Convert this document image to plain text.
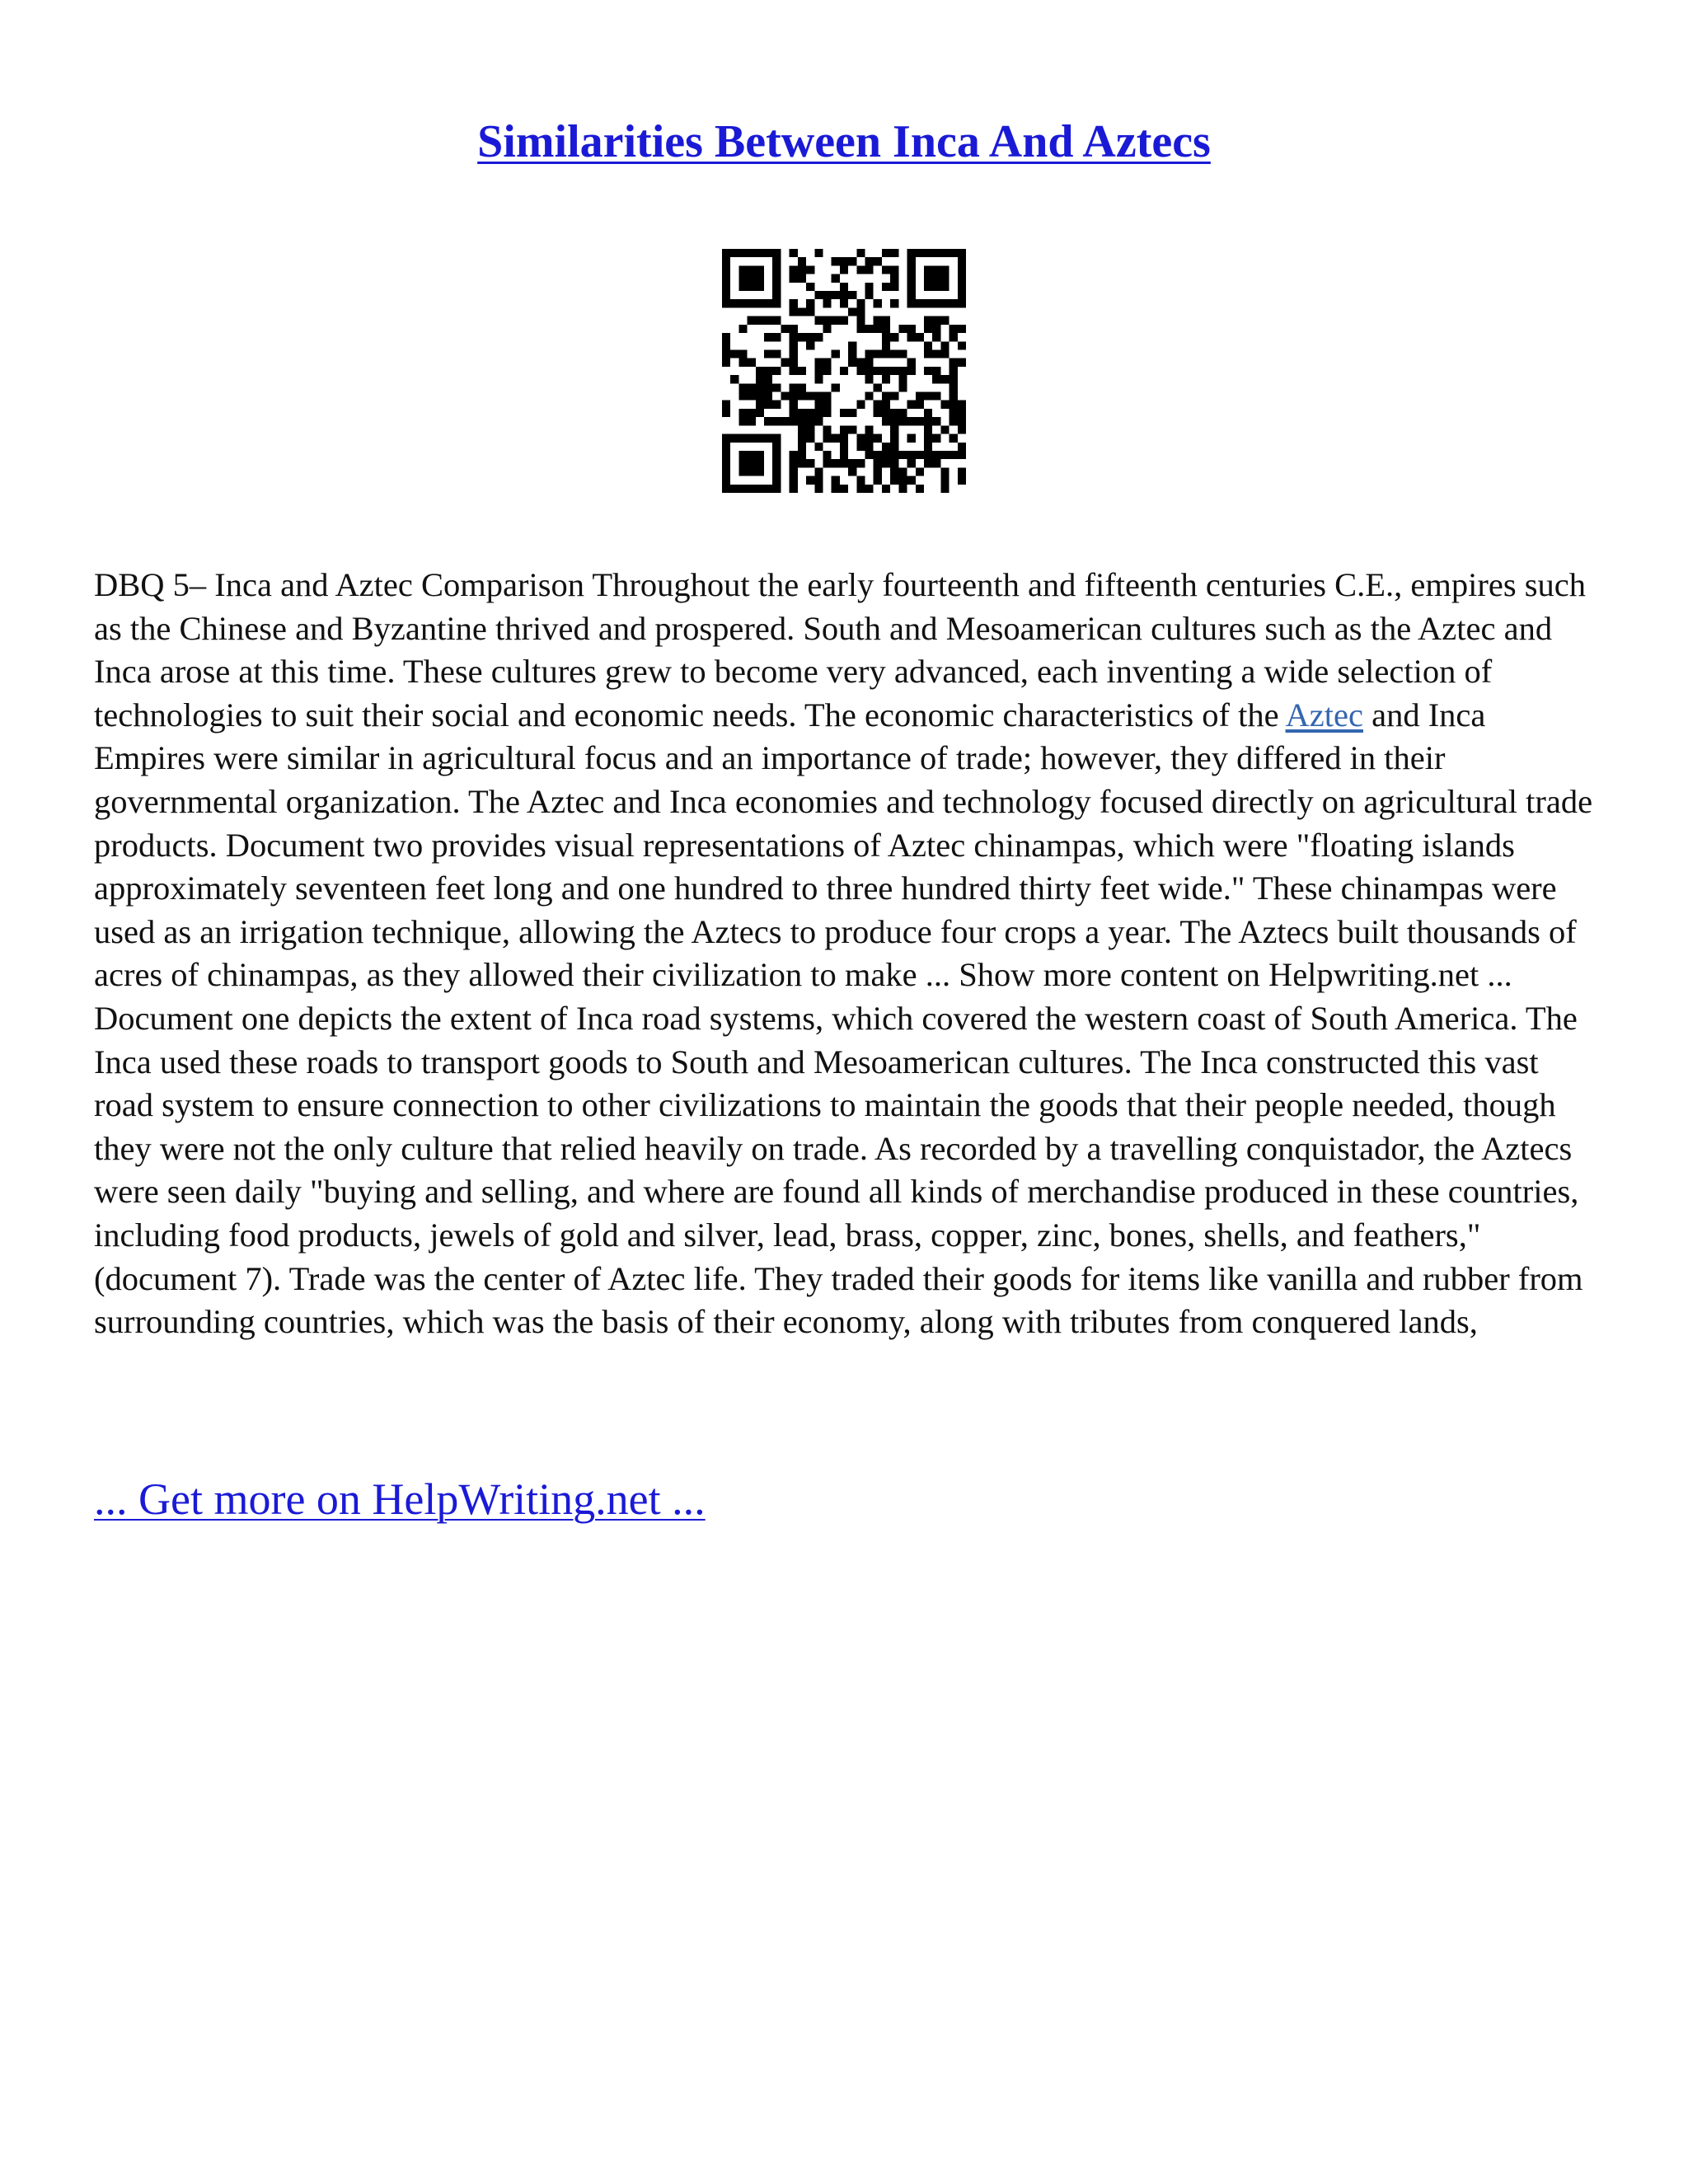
Similarities Between Inca And Aztecs

DBQ 5– Inca and Aztec Comparison Throughout the early fourteenth and fifteenth centuries C.E., empires such as the Chinese and Byzantine thrived and prospered. South and Mesoamerican cultures such as the Aztec and Inca arose at this time. These cultures grew to become very advanced, each inventing a wide selection of technologies to suit their social and economic needs. The economic characteristics of the Aztec and Inca Empires were similar in agricultural focus and an importance of trade; however, they differed in their governmental organization. The Aztec and Inca economies and technology focused directly on agricultural trade products. Document two provides visual representations of Aztec chinampas, which were "floating islands approximately seventeen feet long and one hundred to three hundred thirty feet wide." These chinampas were used as an irrigation technique, allowing the Aztecs to produce four crops a year. The Aztecs built thousands of acres of chinampas, as they allowed their civilization to make ... Show more content on Helpwriting.net ... Document one depicts the extent of Inca road systems, which covered the western coast of South America. The Inca used these roads to transport goods to South and Mesoamerican cultures. The Inca constructed this vast road system to ensure connection to other civilizations to maintain the goods that their people needed, though they were not the only culture that relied heavily on trade. As recorded by a travelling conquistador, the Aztecs were seen daily "buying and selling, and where are found all kinds of merchandise produced in these countries, including food products, jewels of gold and silver, lead, brass, copper, zinc, bones, shells, and feathers," (document 7). Trade was the center of Aztec life. They traded their goods for items like vanilla and rubber from surrounding countries, which was the basis of their economy, along with tributes from conquered lands,

... Get more on HelpWriting.net ...
